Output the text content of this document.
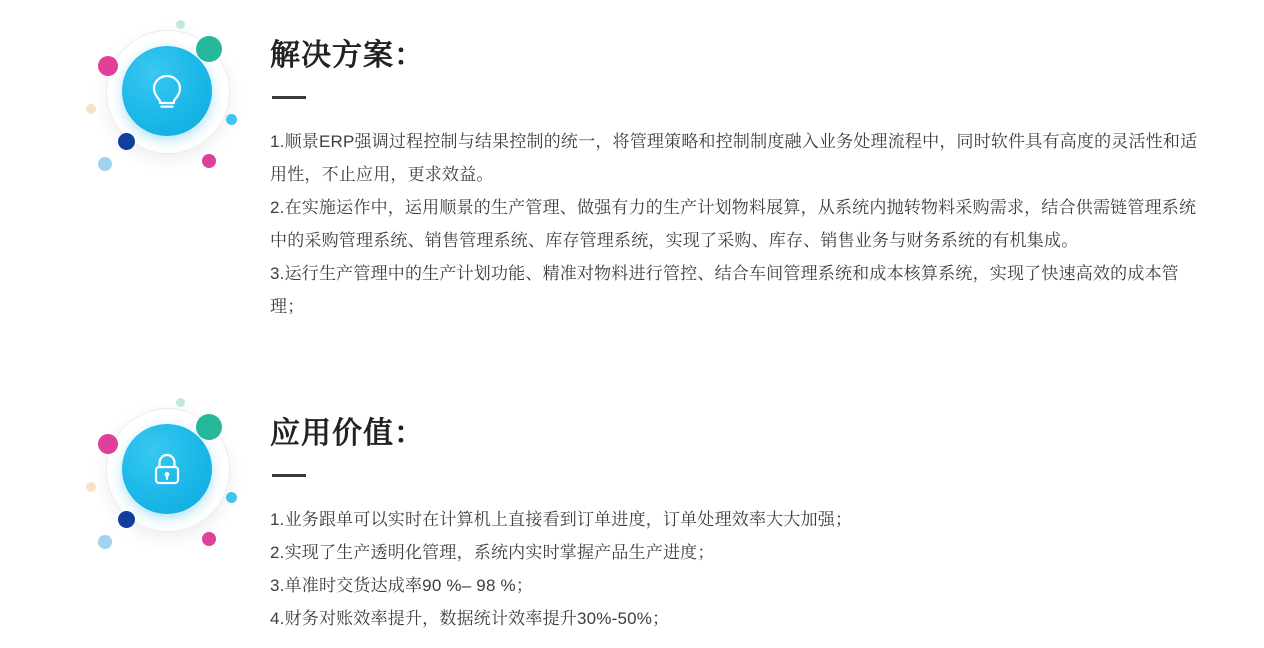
解决方案：

1.顺景ERP强调过程控制与结果控制的统一，将管理策略和控制制度融入业务处理流程中，同时软件具有高度的灵活性和适用性，不止应用，更求效益。

2.在实施运作中，运用顺景的生产管理、做强有力的生产计划物料展算，从系统内抛转物料采购需求，结合供需链管理系统中的采购管理系统、销售管理系统、库存管理系统，实现了采购、库存、销售业务与财务系统的有机集成。

3.运行生产管理中的生产计划功能、精准对物料进行管控、结合车间管理系统和成本核算系统，实现了快速高效的成本管理；

应用价值：

1.业务跟单可以实时在计算机上直接看到订单进度，订单处理效率大大加强；

2.实现了生产透明化管理，系统内实时掌握产品生产进度；

3.单准时交货达成率90 %– 98 %；

4.财务对账效率提升，数据统计效率提升30%-50%；
